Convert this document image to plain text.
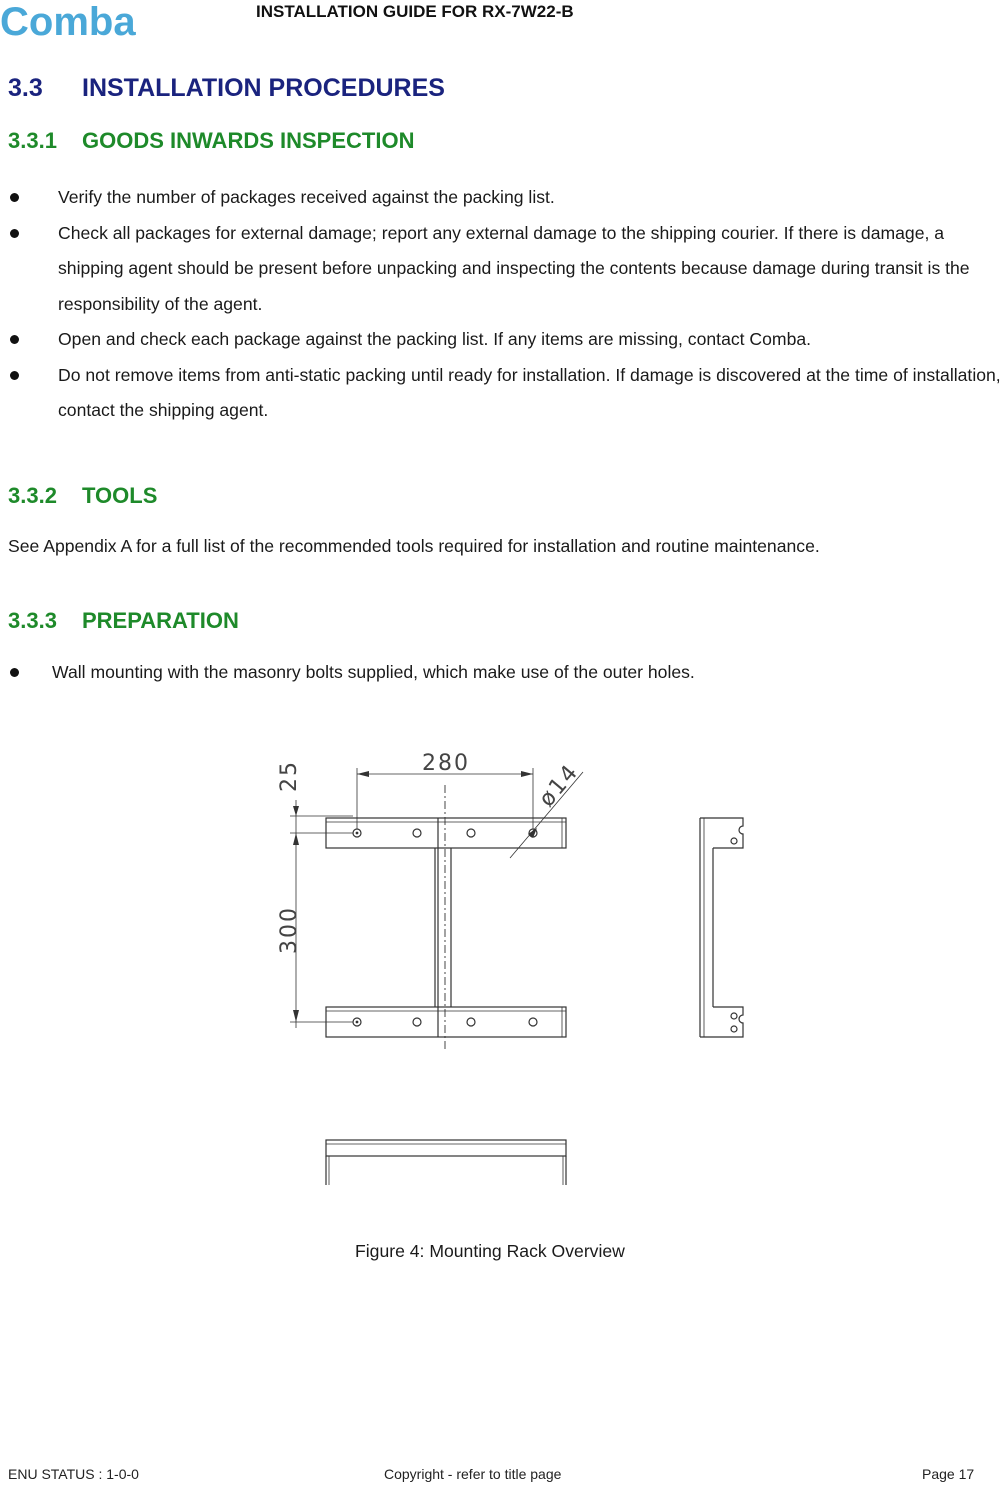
Comba	INSTALLATION GUIDE FOR RX-7W22-B
3.3 INSTALLATION PROCEDURES
3.3.1 GOODS INWARDS INSPECTION
Verify the number of packages received against the packing list.
Check all packages for external damage; report any external damage to the shipping courier. If there is damage, a shipping agent should be present before unpacking and inspecting the contents because damage during transit is the responsibility of the agent.
Open and check each package against the packing list. If any items are missing, contact Comba.
Do not remove items from anti-static packing until ready for installation. If damage is discovered at the time of installation, contact the shipping agent.
3.3.2 TOOLS
See Appendix A for a full list of the recommended tools required for installation and routine maintenance.
3.3.3 PREPARATION
Wall mounting with the masonry bolts supplied, which make use of the outer holes.
280	ø14
25
300
Figure 4: Mounting Rack Overview
ENU STATUS : 1-0-0	Copyright - refer to title page	Page 17
